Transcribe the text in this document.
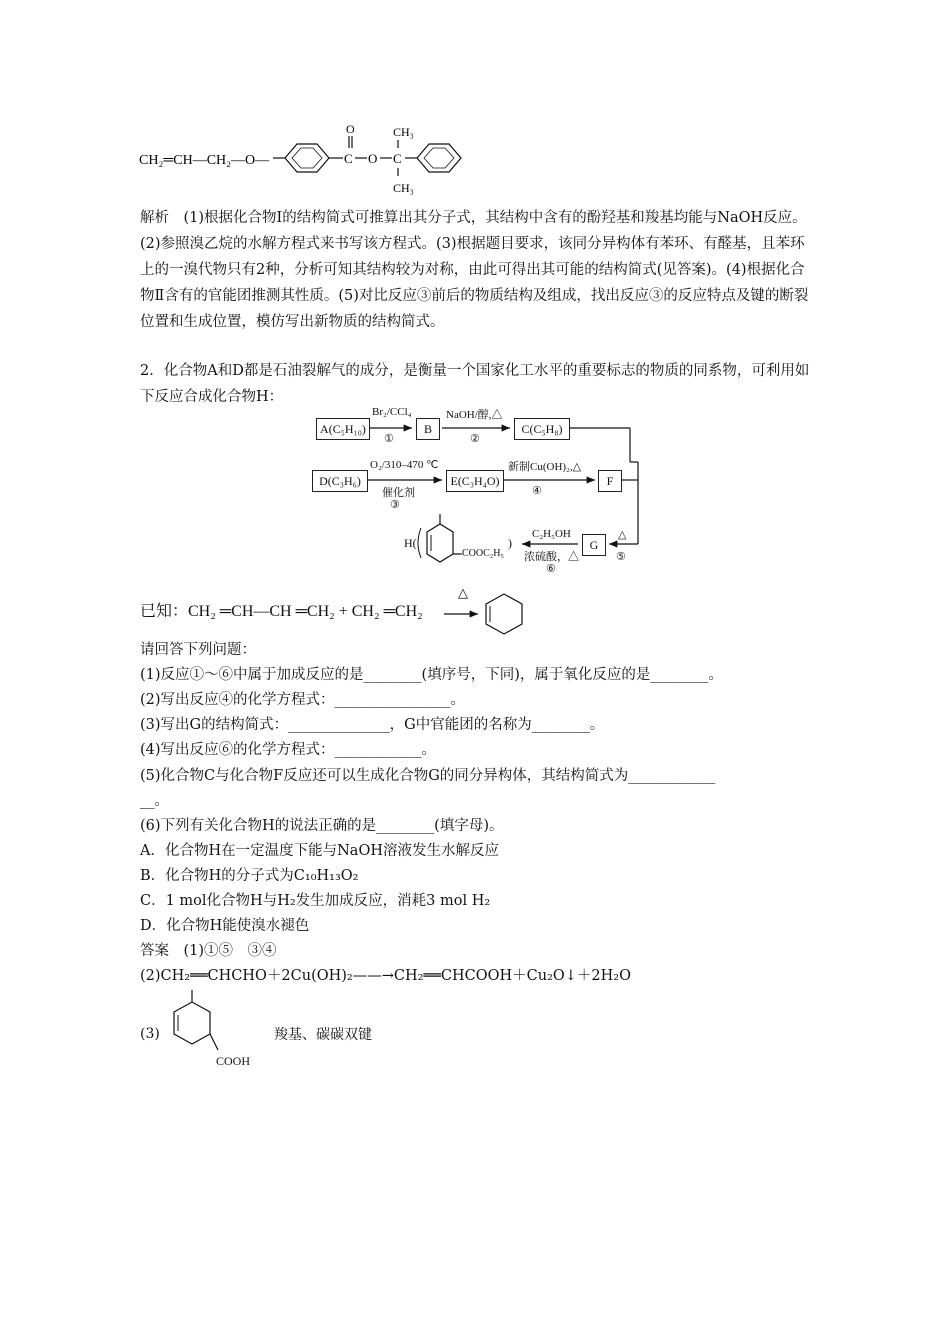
CH₂═CH—CH₂—O—	C
O
O C
CH₃
CH₃
解析　(1)根据化合物Ⅰ的结构简式可推算出其分子式，其结构中含有的酚羟基和羧基均能与NaOH反应。(2)参照溴乙烷的水解方程式来书写该方程式。(3)根据题目要求，该同分异构体有苯环、有醛基，且苯环上的一溴代物只有2种，分析可知其结构较为对称，由此可得出其可能的结构简式(见答案)。(4)根据化合物Ⅱ含有的官能团推测其性质。(5)对比反应③前后的物质结构及组成，找出反应③的反应特点及键的断裂位置和生成位置，模仿写出新物质的结构简式。
2．化合物A和D都是石油裂解气的成分，是衡量一个国家化工水平的重要标志的物质的同系物，可利用如下反应合成化合物H：
A(C₅H₁₀)
Br₂/CCl₄
①
B
NaOH/醇,△
②
C(C₅H₈)
D(C₃H₆)
O₂/310–470 ℃
催化剂
③
E(C₃H₄O)
新制Cu(OH)₂,△
④
F
△
⑤
G
C₂H₅OH
浓硫酸，△
⑥
H(
COOC₂H₅
)
已知：CH₂ ═CH—CH ═CH₂ + CH₂ ═CH₂
△
请回答下列问题：
(1)反应①～⑥中属于加成反应的是________(填序号，下同)，属于氧化反应的是________。
(2)写出反应④的化学方程式：________________。
(3)写出G的结构简式：______________，G中官能团的名称为________。
(4)写出反应⑥的化学方程式：____________。
(5)化合物C与化合物F反应还可以生成化合物G的同分异构体，其结构简式为____________
__。
(6)下列有关化合物H的说法正确的是________(填字母)。
A．化合物H在一定温度下能与NaOH溶液发生水解反应
B．化合物H的分子式为C₁₀H₁₃O₂
C．1 mol化合物H与H₂发生加成反应，消耗3 mol H₂
D．化合物H能使溴水褪色
答案　(1)①⑤　③④
(2)CH₂══CHCHO＋2Cu(OH)₂——→CH₂══CHCOOH＋Cu₂O↓＋2H₂O
(3)
COOH
羧基、碳碳双键
